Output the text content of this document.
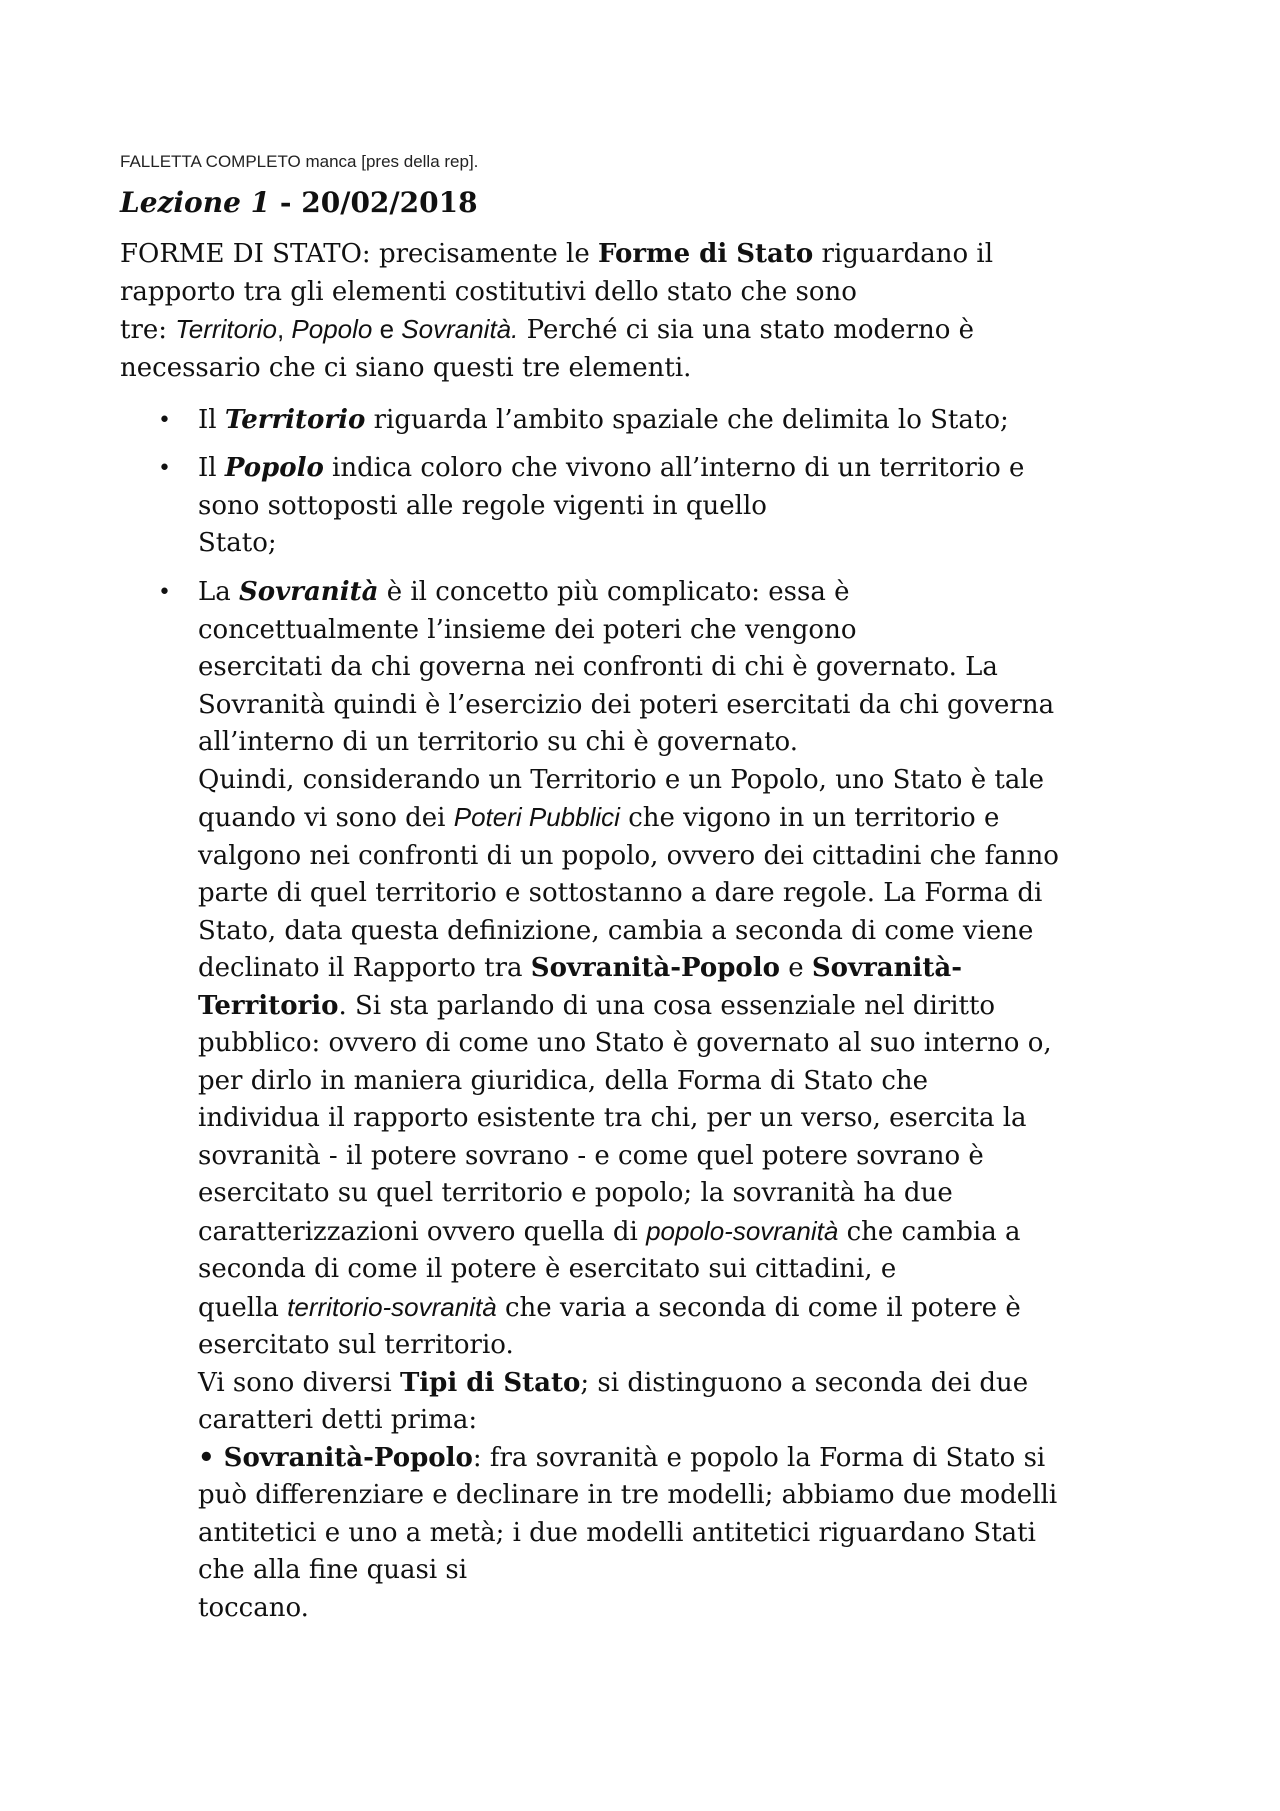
FALLETTA COMPLETO manca [pres della rep].
Lezione 1 - 20/02/2018
FORME DI STATO: precisamente le Forme di Stato riguardano il
rapporto tra gli elementi costitutivi dello stato che sono
tre: Territorio, Popolo e Sovranità. Perché ci sia una stato moderno è
necessario che ci siano questi tre elementi.
• Il Territorio riguarda l’ambito spaziale che delimita lo Stato;
• Il Popolo indica coloro che vivono all’interno di un territorio e
sono sottoposti alle regole vigenti in quello
Stato;
• La Sovranità è il concetto più complicato: essa è
concettualmente l’insieme dei poteri che vengono
esercitati da chi governa nei confronti di chi è governato. La
Sovranità quindi è l’esercizio dei poteri esercitati da chi governa
all’interno di un territorio su chi è governato.
Quindi, considerando un Territorio e un Popolo, uno Stato è tale
quando vi sono dei Poteri Pubblici che vigono in un territorio e
valgono nei confronti di un popolo, ovvero dei cittadini che fanno
parte di quel territorio e sottostanno a dare regole. La Forma di
Stato, data questa definizione, cambia a seconda di come viene
declinato il Rapporto tra Sovranità-Popolo e Sovranità-
Territorio. Si sta parlando di una cosa essenziale nel diritto
pubblico: ovvero di come uno Stato è governato al suo interno o,
per dirlo in maniera giuridica, della Forma di Stato che
individua il rapporto esistente tra chi, per un verso, esercita la
sovranità - il potere sovrano - e come quel potere sovrano è
esercitato su quel territorio e popolo; la sovranità ha due
caratterizzazioni ovvero quella di popolo-sovranità che cambia a
seconda di come il potere è esercitato sui cittadini, e
quella territorio-sovranità che varia a seconda di come il potere è
esercitato sul territorio.
Vi sono diversi Tipi di Stato; si distinguono a seconda dei due
caratteri detti prima:
• Sovranità-Popolo: fra sovranità e popolo la Forma di Stato si
può differenziare e declinare in tre modelli; abbiamo due modelli
antitetici e uno a metà; i due modelli antitetici riguardano Stati
che alla fine quasi si
toccano.
